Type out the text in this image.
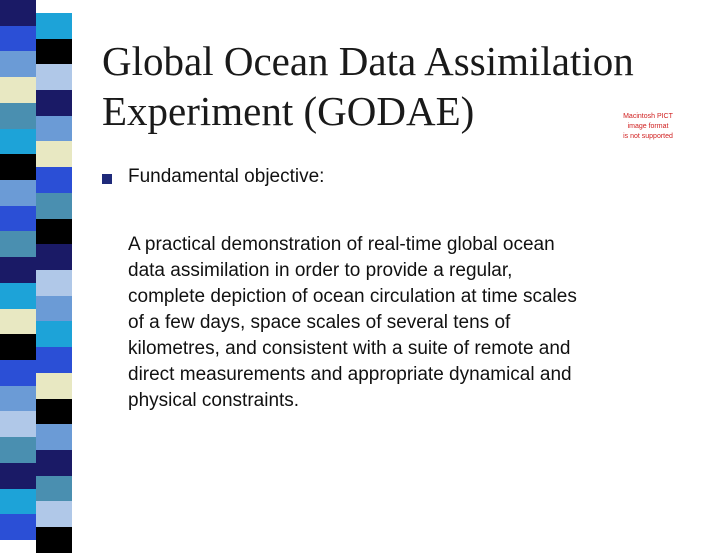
Global Ocean Data Assimilation
Experiment (GODAE)	Macintosh PICT
image format
is not supported
Fundamental objective:
A practical demonstration of real-time global ocean
data assimilation in order to provide a regular,
complete depiction of ocean circulation at time scales
of a few days, space scales of several tens of
kilometres, and consistent with a suite of remote and
direct measurements and appropriate dynamical and
physical constraints.
